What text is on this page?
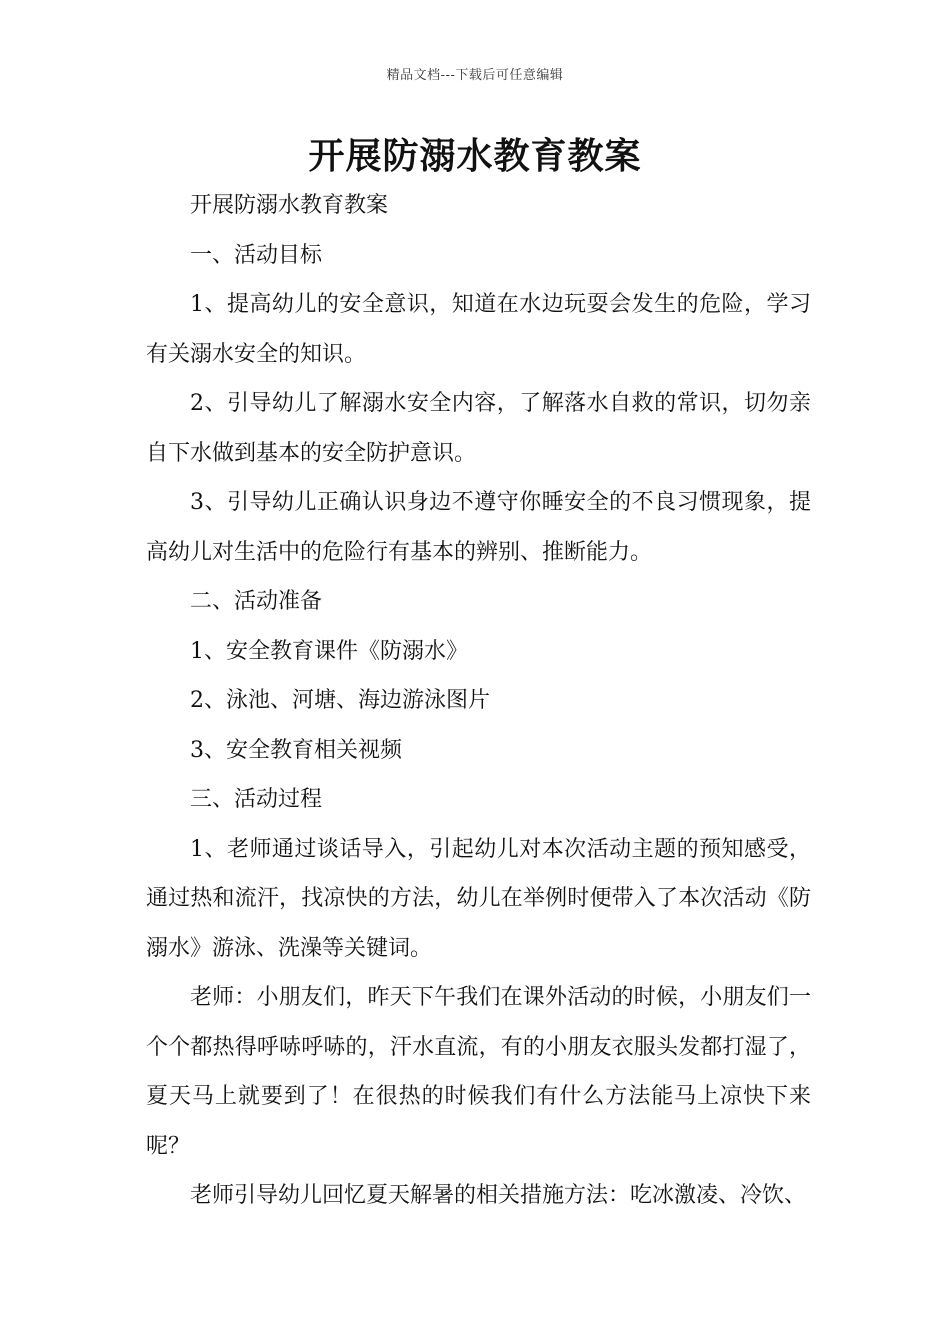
精品文档---下载后可任意编辑
开展防溺水教育教案

开展防溺水教育教案

一、活动目标

1、提高幼儿的安全意识，知道在水边玩耍会发生的危险，学习有关溺水安全的知识。

2、引导幼儿了解溺水安全内容，了解落水自救的常识，切勿亲自下水做到基本的安全防护意识。

3、引导幼儿正确认识身边不遵守你睡安全的不良习惯现象，提高幼儿对生活中的危险行有基本的辨别、推断能力。

二、活动准备

1、安全教育课件《防溺水》

2、泳池、河塘、海边游泳图片

3、安全教育相关视频

三、活动过程

1、老师通过谈话导入，引起幼儿对本次活动主题的预知感受，通过热和流汗，找凉快的方法，幼儿在举例时便带入了本次活动《防溺水》游泳、洗澡等关键词。

老师：小朋友们，昨天下午我们在课外活动的时候，小朋友们一个个都热得呼哧呼哧的，汗水直流，有的小朋友衣服头发都打湿了，夏天马上就要到了！在很热的时候我们有什么方法能马上凉快下来呢？

老师引导幼儿回忆夏天解暑的相关措施方法：吃冰激凌、冷饮、
